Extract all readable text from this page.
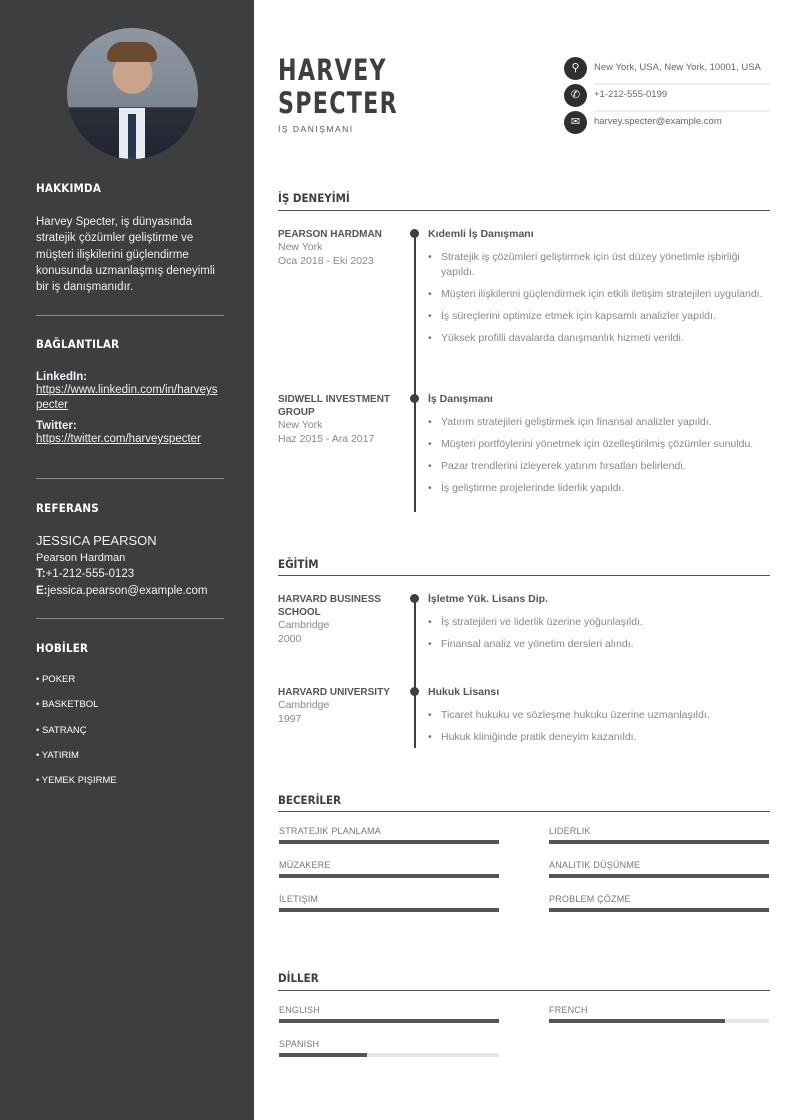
HAKKIMDA
Harvey Specter, iş dünyasında stratejik çözümler geliştirme ve müşteri ilişkilerini güçlendirme konusunda uzmanlaşmış deneyimli bir iş danışmanıdır.
BAĞLANTILAR
LinkedIn:
https://www.linkedin.com/in/harveyspecter
Twitter:
https://twitter.com/harveyspecter
REFERANS
JESSICA PEARSON
Pearson Hardman
T:+1-212-555-0123
E:jessica.pearson@example.com
HOBİLER
• POKER
• BASKETBOL
• SATRANÇ
• YATIRIM
• YEMEK PIŞIRME
HARVEY
SPECTER
İŞ DANIŞMANI
⚲	New York, USA, New York, 10001, USA
✆	+1-212-555-0199
✉	harvey.specter@example.com
İŞ DENEYİMİ
PEARSON HARDMAN
New York
Oca 2018 - Eki 2023
Kıdemli İş Danışmanı
• Stratejik iş çözümleri geliştirmek için üst düzey yönetimle işbirliği yapıldı.
• Müşteri ilişkilerini güçlendirmek için etkili iletişim stratejileri uygulandı.
• İş süreçlerini optimize etmek için kapsamlı analizler yapıldı.
• Yüksek profilli davalarda danışmanlık hizmeti verildi.
SIDWELL INVESTMENT GROUP
New York
Haz 2015 - Ara 2017
İş Danışmanı
• Yatırım stratejileri geliştirmek için finansal analizler yapıldı.
• Müşteri portföylerini yönetmek için özelleştirilmiş çözümler sunuldu.
• Pazar trendlerini izleyerek yatırım fırsatları belirlendi.
• İş geliştirme projelerinde liderlik yapıldı.
EĞİTİM
HARVARD BUSINESS SCHOOL
Cambridge
2000
İşletme Yük. Lisans Dip.
• İş stratejileri ve liderlik üzerine yoğunlaşıldı.
• Finansal analiz ve yönetim dersleri alındı.
HARVARD UNIVERSITY
Cambridge
1997
Hukuk Lisansı
• Ticaret hukuku ve sözleşme hukuku üzerine uzmanlaşıldı.
• Hukuk kliniğinde pratik deneyim kazanıldı.
BECERİLER
STRATEJIK PLANLAMA	LIDERLIK
MÜZAKERE	ANALITIK DÜŞÜNME
İLETIŞIM	PROBLEM ÇÖZME
DİLLER
ENGLISH	FRENCH
SPANISH
